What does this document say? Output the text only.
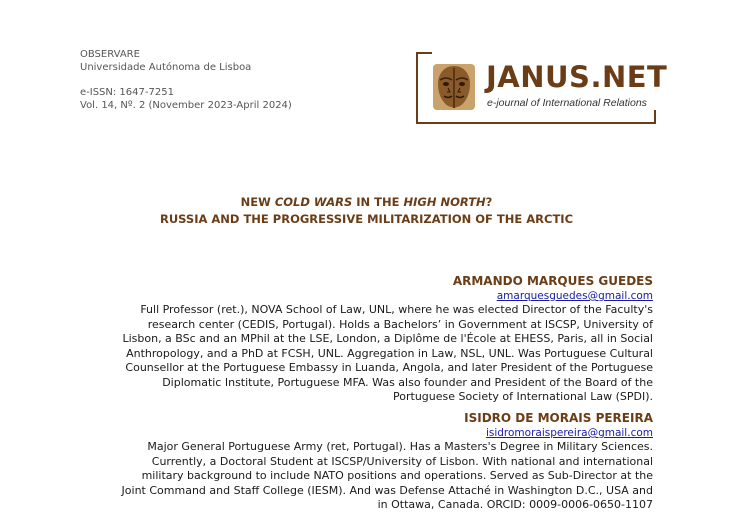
OBSERVARE
Universidade Autónoma de Lisboa
e-ISSN: 1647-7251
Vol. 14, Nº. 2 (November 2023-April 2024)
JANUS.NET
e-journal of International Relations
NEW COLD WARS IN THE HIGH NORTH?
RUSSIA AND THE PROGRESSIVE MILITARIZATION OF THE ARCTIC
ARMANDO MARQUES GUEDES
amarquesguedes@gmail.com
Full Professor (ret.), NOVA School of Law, UNL, where he was elected Director of the Faculty's
research center (CEDIS, Portugal). Holds a Bachelors’ in Government at ISCSP, University of
Lisbon, a BSc and an MPhil at the LSE, London, a Diplôme de l'École at EHESS, Paris, all in Social
Anthropology, and a PhD at FCSH, UNL. Aggregation in Law, NSL, UNL. Was Portuguese Cultural
Counsellor at the Portuguese Embassy in Luanda, Angola, and later President of the Portuguese
Diplomatic Institute, Portuguese MFA. Was also founder and President of the Board of the
Portuguese Society of International Law (SPDI).
ISIDRO DE MORAIS PEREIRA
isidromoraispereira@gmail.com
Major General Portuguese Army (ret, Portugal). Has a Masters's Degree in Military Sciences.
Currently, a Doctoral Student at ISCSP/University of Lisbon. With national and international
military background to include NATO positions and operations. Served as Sub-Director at the
Joint Command and Staff College (IESM). And was Defense Attaché in Washington D.C., USA and
in Ottawa, Canada. ORCID: 0009-0006-0650-1107
